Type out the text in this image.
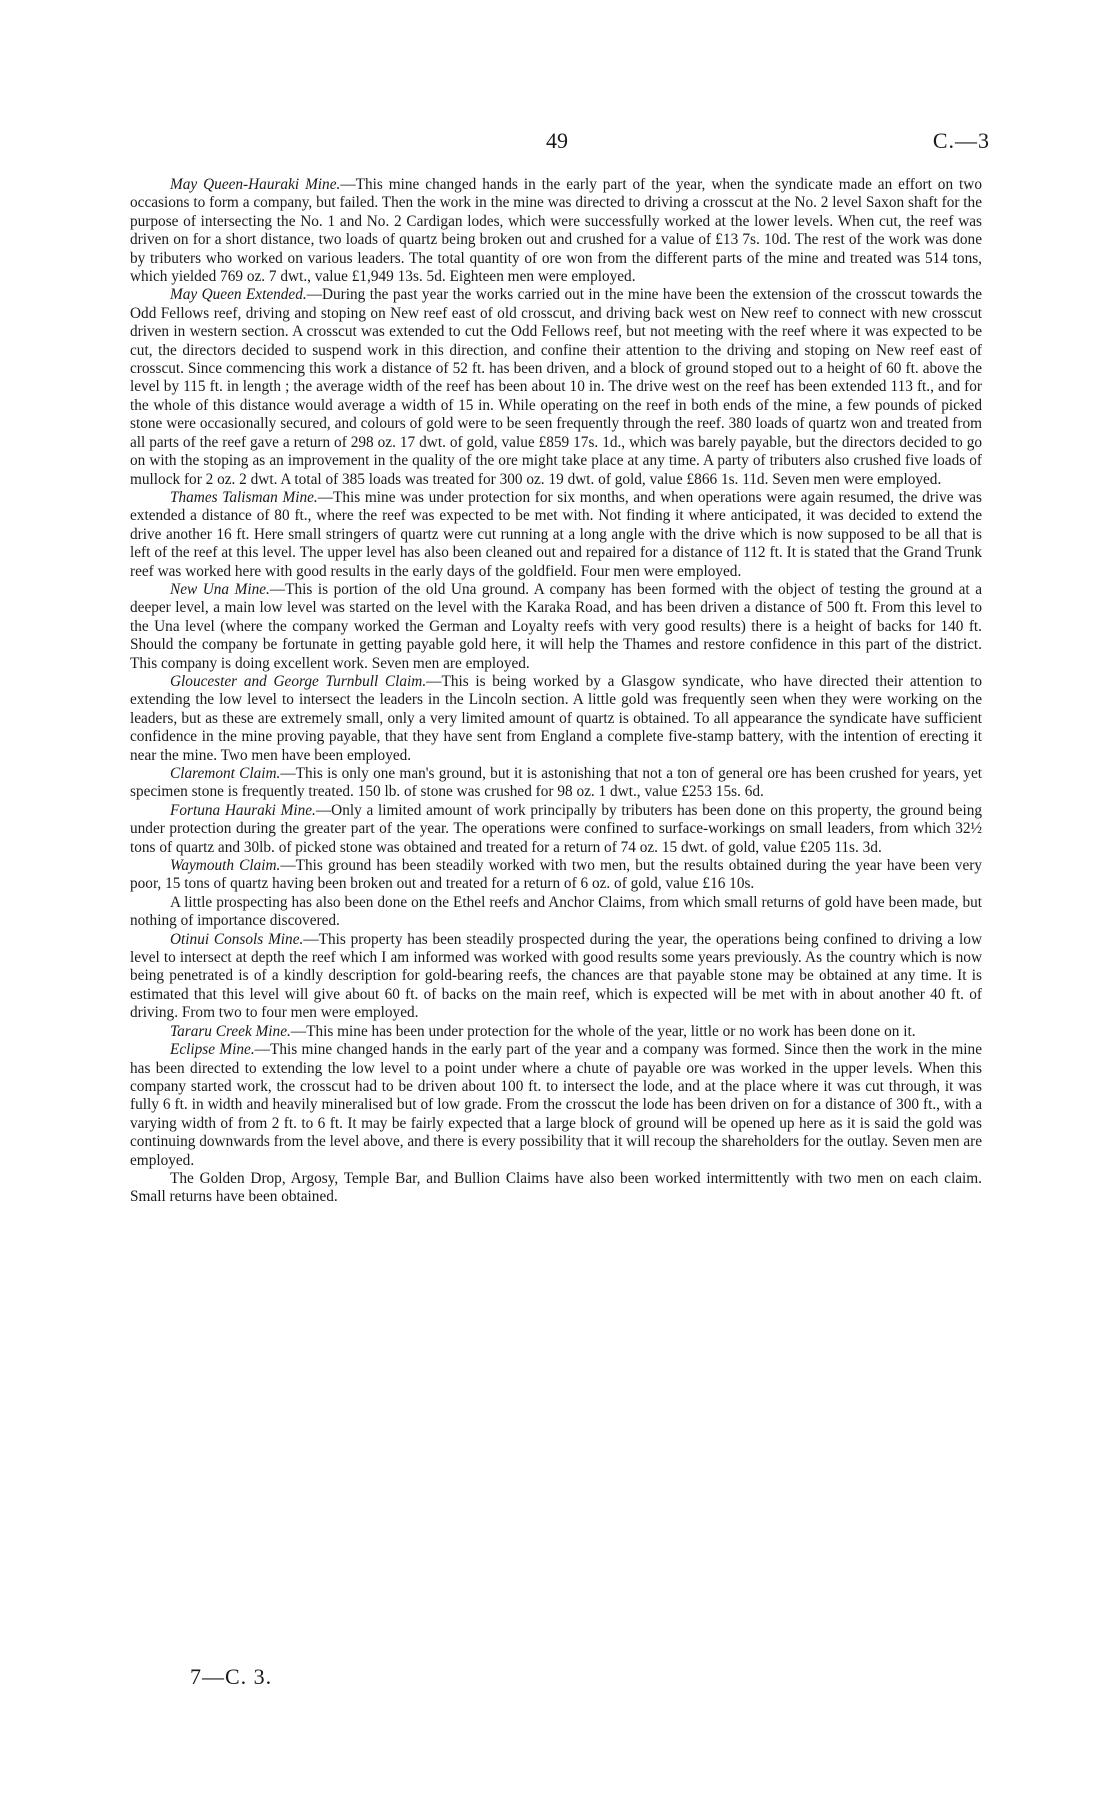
49	C.—3

May Queen-Hauraki Mine.—This mine changed hands in the early part of the year, when the syndicate made an effort on two occasions to form a company, but failed. Then the work in the mine was directed to driving a crosscut at the No. 2 level Saxon shaft for the purpose of intersecting the No. 1 and No. 2 Cardigan lodes, which were successfully worked at the lower levels. When cut, the reef was driven on for a short distance, two loads of quartz being broken out and crushed for a value of £13 7s. 10d. The rest of the work was done by tributers who worked on various leaders. The total quantity of ore won from the different parts of the mine and treated was 514 tons, which yielded 769 oz. 7 dwt., value £1,949 13s. 5d. Eighteen men were employed.

May Queen Extended.—During the past year the works carried out in the mine have been the extension of the crosscut towards the Odd Fellows reef, driving and stoping on New reef east of old crosscut, and driving back west on New reef to connect with new crosscut driven in western section. A crosscut was extended to cut the Odd Fellows reef, but not meeting with the reef where it was expected to be cut, the directors decided to suspend work in this direction, and confine their attention to the driving and stoping on New reef east of crosscut. Since commencing this work a distance of 52 ft. has been driven, and a block of ground stoped out to a height of 60 ft. above the level by 115 ft. in length ; the average width of the reef has been about 10 in. The drive west on the reef has been extended 113 ft., and for the whole of this distance would average a width of 15 in. While operating on the reef in both ends of the mine, a few pounds of picked stone were occasionally secured, and colours of gold were to be seen frequently through the reef. 380 loads of quartz won and treated from all parts of the reef gave a return of 298 oz. 17 dwt. of gold, value £859 17s. 1d., which was barely payable, but the directors decided to go on with the stoping as an improvement in the quality of the ore might take place at any time. A party of tributers also crushed five loads of mullock for 2 oz. 2 dwt. A total of 385 loads was treated for 300 oz. 19 dwt. of gold, value £866 1s. 11d. Seven men were employed.

Thames Talisman Mine.—This mine was under protection for six months, and when operations were again resumed, the drive was extended a distance of 80 ft., where the reef was expected to be met with. Not finding it where anticipated, it was decided to extend the drive another 16 ft. Here small stringers of quartz were cut running at a long angle with the drive which is now supposed to be all that is left of the reef at this level. The upper level has also been cleaned out and repaired for a distance of 112 ft. It is stated that the Grand Trunk reef was worked here with good results in the early days of the goldfield. Four men were employed.

New Una Mine.—This is portion of the old Una ground. A company has been formed with the object of testing the ground at a deeper level, a main low level was started on the level with the Karaka Road, and has been driven a distance of 500 ft. From this level to the Una level (where the company worked the German and Loyalty reefs with very good results) there is a height of backs for 140 ft. Should the company be fortunate in getting payable gold here, it will help the Thames and restore confidence in this part of the district. This company is doing excellent work. Seven men are employed.

Gloucester and George Turnbull Claim.—This is being worked by a Glasgow syndicate, who have directed their attention to extending the low level to intersect the leaders in the Lincoln section. A little gold was frequently seen when they were working on the leaders, but as these are extremely small, only a very limited amount of quartz is obtained. To all appearance the syndicate have sufficient confidence in the mine proving payable, that they have sent from England a complete five-stamp battery, with the intention of erecting it near the mine. Two men have been employed.

Claremont Claim.—This is only one man's ground, but it is astonishing that not a ton of general ore has been crushed for years, yet specimen stone is frequently treated. 150 lb. of stone was crushed for 98 oz. 1 dwt., value £253 15s. 6d.

Fortuna Hauraki Mine.—Only a limited amount of work principally by tributers has been done on this property, the ground being under protection during the greater part of the year. The operations were confined to surface-workings on small leaders, from which 32½ tons of quartz and 30lb. of picked stone was obtained and treated for a return of 74 oz. 15 dwt. of gold, value £205 11s. 3d.

Waymouth Claim.—This ground has been steadily worked with two men, but the results obtained during the year have been very poor, 15 tons of quartz having been broken out and treated for a return of 6 oz. of gold, value £16 10s.

A little prospecting has also been done on the Ethel reefs and Anchor Claims, from which small returns of gold have been made, but nothing of importance discovered.

Otinui Consols Mine.—This property has been steadily prospected during the year, the operations being confined to driving a low level to intersect at depth the reef which I am informed was worked with good results some years previously. As the country which is now being penetrated is of a kindly description for gold-bearing reefs, the chances are that payable stone may be obtained at any time. It is estimated that this level will give about 60 ft. of backs on the main reef, which is expected will be met with in about another 40 ft. of driving. From two to four men were employed.

Tararu Creek Mine.—This mine has been under protection for the whole of the year, little or no work has been done on it.

Eclipse Mine.—This mine changed hands in the early part of the year and a company was formed. Since then the work in the mine has been directed to extending the low level to a point under where a chute of payable ore was worked in the upper levels. When this company started work, the crosscut had to be driven about 100 ft. to intersect the lode, and at the place where it was cut through, it was fully 6 ft. in width and heavily mineralised but of low grade. From the crosscut the lode has been driven on for a distance of 300 ft., with a varying width of from 2 ft. to 6 ft. It may be fairly expected that a large block of ground will be opened up here as it is said the gold was continuing downwards from the level above, and there is every possibility that it will recoup the shareholders for the outlay. Seven men are employed.

The Golden Drop, Argosy, Temple Bar, and Bullion Claims have also been worked intermittently with two men on each claim. Small returns have been obtained.

7—C. 3.
